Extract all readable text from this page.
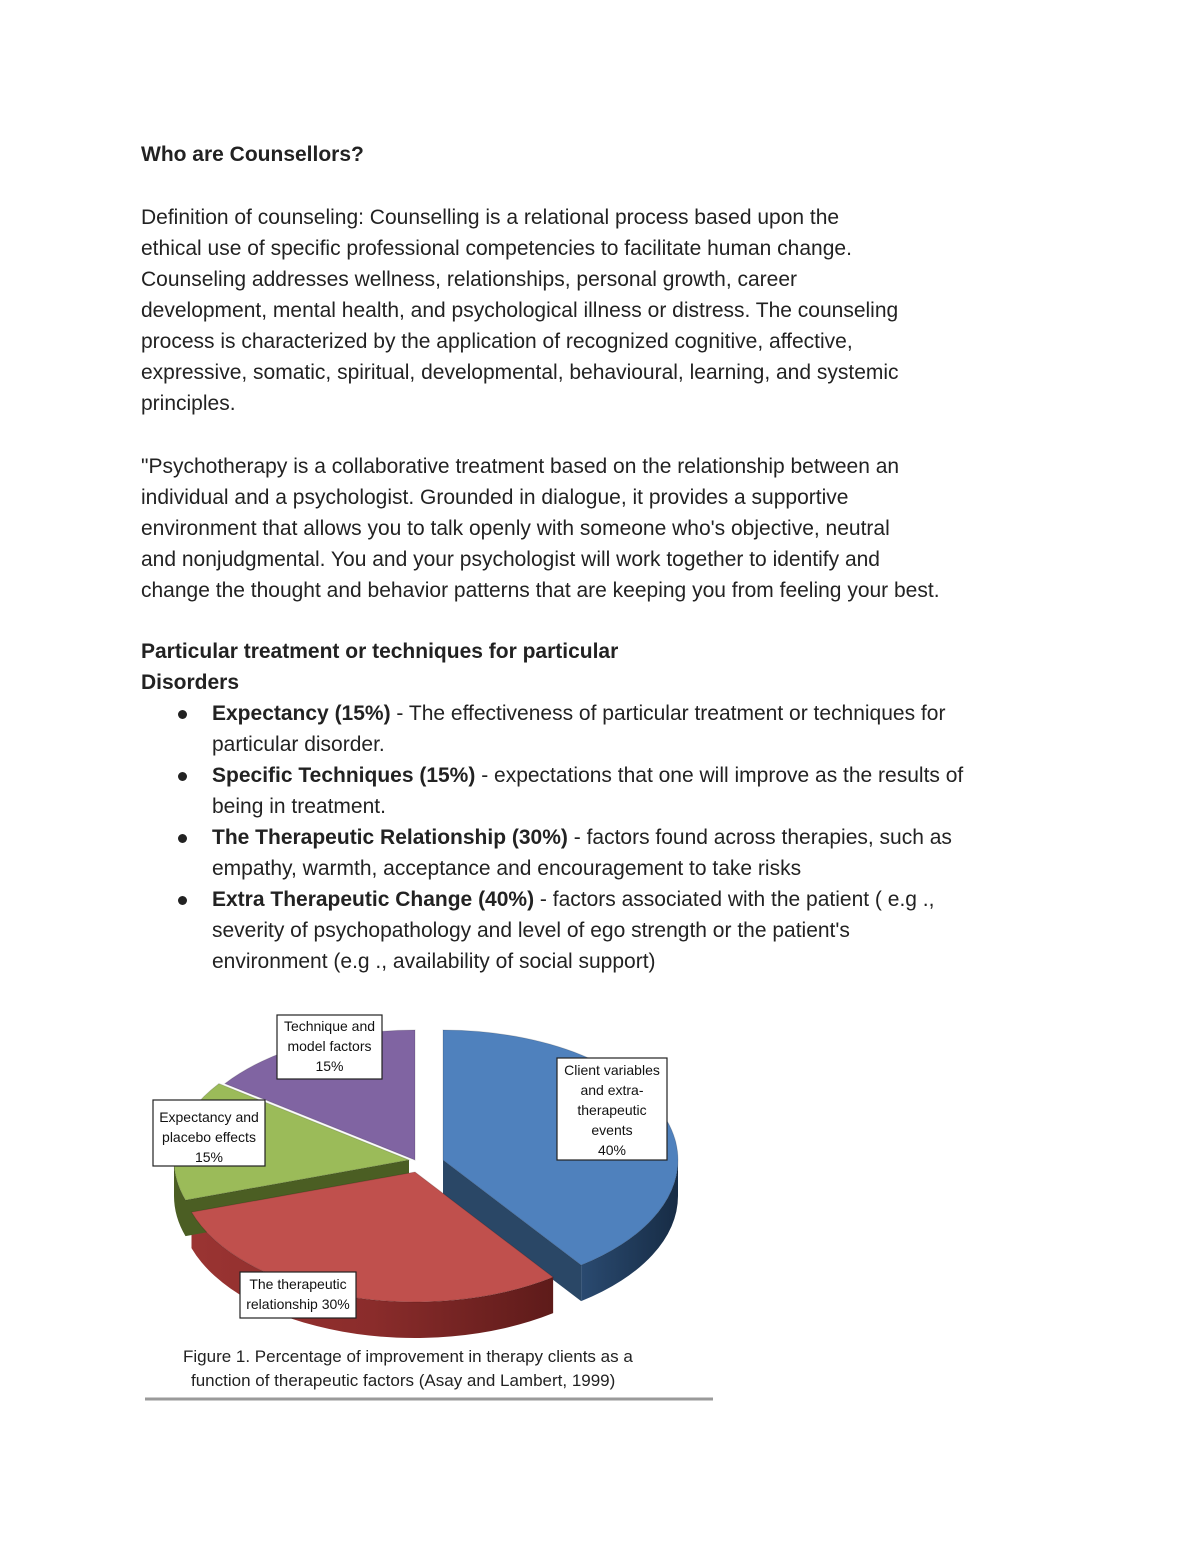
Who are Counsellors?

Definition of counseling: Counselling is a relational process based upon the
ethical use of specific professional competencies to facilitate human change.
Counseling addresses wellness, relationships, personal growth, career
development, mental health, and psychological illness or distress. The counseling
process is characterized by the application of recognized cognitive, affective,
expressive, somatic, spiritual, developmental, behavioural, learning, and systemic
principles.

"Psychotherapy is a collaborative treatment based on the relationship between an
individual and a psychologist. Grounded in dialogue, it provides a supportive
environment that allows you to talk openly with someone who's objective, neutral
and nonjudgmental. You and your psychologist will work together to identify and
change the thought and behavior patterns that are keeping you from feeling your best.

Particular treatment or techniques for particular
Disorders
Expectancy (15%) - The effectiveness of particular treatment or techniques for
particular disorder.
Specific Techniques (15%) - expectations that one will improve as the results of
being in treatment.
The Therapeutic Relationship (30%) - factors found across therapies, such as
empathy, warmth, acceptance and encouragement to take risks
Extra Therapeutic Change (40%) - factors associated with the patient ( e.g .,
severity of psychopathology and level of ego strength or the patient's
environment (e.g ., availability of social support)
Client variables
and extra-
therapeutic
events
40%
The therapeutic
relationship 30%
Expectancy and
placebo effects
15%
Technique and
model factors
15%
Figure 1. Percentage of improvement in therapy clients as a
function of therapeutic factors (Asay and Lambert, 1999)
